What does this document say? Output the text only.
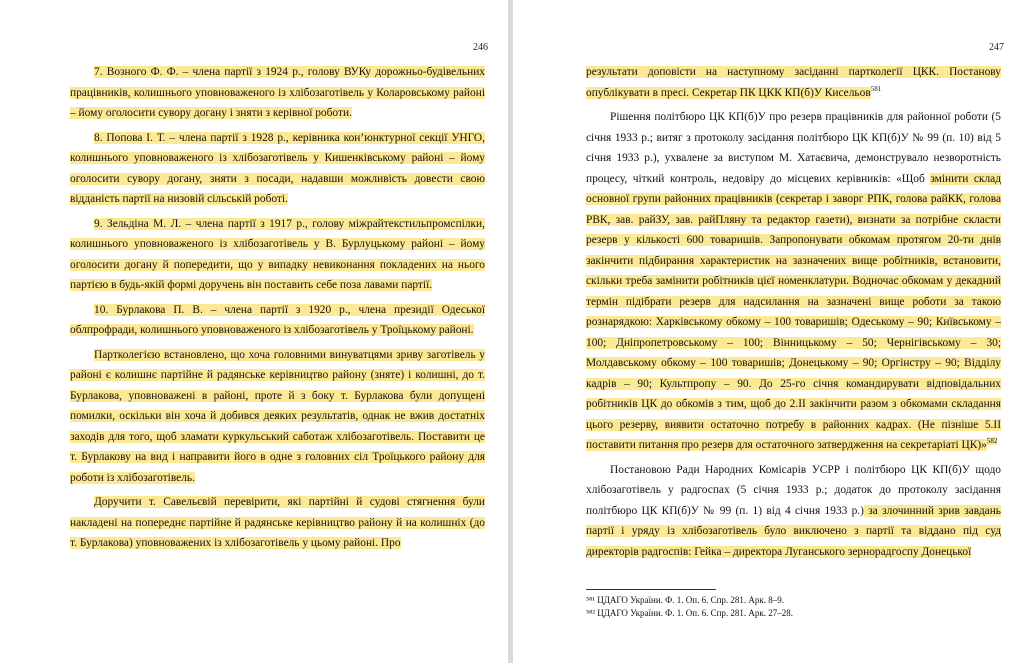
246

7. Возного Ф. Ф. – члена партії з 1924 р., голову ВУКу дорожньо-будівельних працівників, колишнього уповноваженого із хлібозаготівель у Коларовському районі – йому оголосити сувору догану і зняти з керівної роботи.

8. Попова І. Т. – члена партії з 1928 р., керівника кон’юнктурної секції УНГО, колишнього уповноваженого із хлібозаготівель у Кишенківському районі – йому оголосити сувору догану, зняти з посади, надавши можливість довести свою відданість партії на низовій сільській роботі.

9. Зельдіна М. Л. – члена партії з 1917 р., голову міжрайтекстильпромспілки, колишнього уповноваженого із хлібозаготівель у В. Бурлуцькому районі – йому оголосити догану й попередити, що у випадку невиконання покладених на нього партією в будь-якій формі доручень він поставить себе поза лавами партії.

10. Бурлакова П. В. – члена партії з 1920 р., члена президії Одеської облпрофради, колишнього уповноваженого із хлібозаготівель у Троїцькому районі.

Партколегією встановлено, що хоча головними винуватцями зриву заготівель у районі є колишнє партійне й радянське керівництво району (зняте) і колишні, до т. Бурлакова, уповноважені в районі, проте й з боку т. Бурлакова були допущені помилки, оскільки він хоча й добився деяких результатів, однак не вжив достатніх заходів для того, щоб зламати куркульський саботаж хлібозаготівель. Поставити це т. Бурлакову на вид і направити його в одне з головних сіл Троїцького району для роботи із хлібозаготівель.

Доручити т. Савельєвій перевірити, які партійні й судові стягнення були накладені на попереднє партійне й радянське керівництво району й на колишніх (до т. Бурлакова) уповноважених із хлібозаготівель у цьому районі. Про

247

результати доповісти на наступному засіданні партколегії ЦКК. Постанову опублікувати в пресі. Секретар ПК ЦКК КП(б)У Кисельов$^{581}$

Рішення політбюро ЦК КП(б)У про резерв працівників для районної роботи (5 січня 1933 р.; витяг з протоколу засідання політбюро ЦК КП(б)У № 99 (п. 10) від 5 січня 1933 р.), ухвалене за виступом М. Хатаєвича, демонструвало незворотність процесу, чіткий контроль, недовіру до місцевих керівників: «Щоб змінити склад основної групи районних працівників (секретар і заворг РПК, голова райКК, голова РВК, зав. райЗУ, зав. райПляну та редактор газети), визнати за потрібне скласти резерв у кількості 600 товаришів. Запропонувати обкомам протягом 20-ти днів закінчити підбирання характеристик на зазначених вище робітників, встановити, скільки треба замінити робітників цієї номенклатури. Водночас обкомам у декадний термін підібрати резерв для надсилання на зазначені вище роботи за такою рознарядкою: Харківському обкому – 100 товаришів; Одеському – 90; Київському – 100; Дніпропетровському – 100; Вінницькому – 50; Чернігівському – 30; Молдавському обкому – 100 товаришів; Донецькому – 90; Оргінстру – 90; Відділу кадрів – 90; Культпропу – 90. До 25-го січня командирувати відповідальних робітників ЦК до обкомів з тим, щоб до 2.II закінчити разом з обкомами складання цього резерву, виявити остаточно потребу в районних кадрах. (Не пізніше 5.II поставити питання про резерв для остаточного затвердження на секретаріаті ЦК)»$^{582}$

Постановою Ради Народних Комісарів УСРР і політбюро ЦК КП(б)У щодо хлібозаготівель у радгоспах (5 січня 1933 р.; додаток до протоколу засідання політбюро ЦК КП(б)У № 99 (п. 1) від 4 січня 1933 р.) за злочинний зрив завдань партії і уряду із хлібозаготівель було виключено з партії та віддано під суд директорів радгоспів: Гейка – директора Луганського зернорадгоспу Донецької

⁵⁸¹ ЦДАГО України. Ф. 1. Оп. 6. Спр. 281. Арк. 8–9.

⁵⁸² ЦДАГО України. Ф. 1. Оп. 6. Спр. 281. Арк. 27–28.
